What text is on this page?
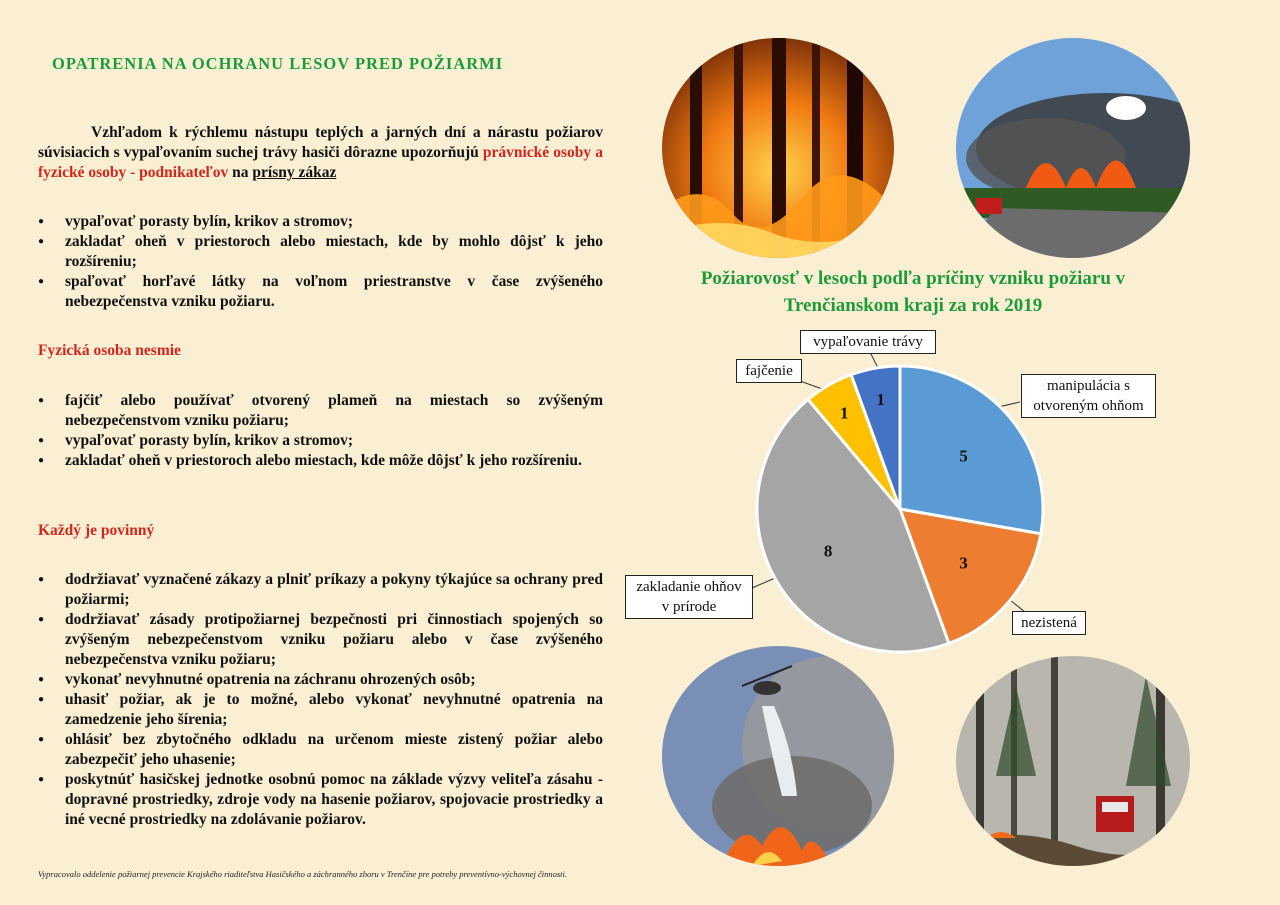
OPATRENIA NA OCHRANU LESOV PRED POŽIARMI
Vzhľadom k rýchlemu nástupu teplých a jarných dní a nárastu požiarov súvisiacich s vypaľovaním suchej trávy hasiči dôrazne upozorňujú právnické osoby a fyzické osoby - podnikateľov na prísny zákaz
● vypaľovať porasty bylín, krikov a stromov;
● zakladať oheň v priestoroch alebo miestach, kde by mohlo dôjsť k jeho rozšíreniu;
● spaľovať horľavé látky na voľnom priestranstve v čase zvýšeného nebezpečenstva vzniku požiaru.
Fyzická osoba nesmie
● fajčiť alebo používať otvorený plameň na miestach so zvýšeným nebezpečenstvom vzniku požiaru;
● vypaľovať porasty bylín, krikov a stromov;
● zakladať oheň v priestoroch alebo miestach, kde môže dôjsť k jeho rozšíreniu.
Každý je povinný
● dodržiavať vyznačené zákazy a plniť príkazy a pokyny týkajúce sa ochrany pred požiarmi;
● dodržiavať zásady protipožiarnej bezpečnosti pri činnostiach spojených so zvýšeným nebezpečenstvom vzniku požiaru alebo v čase zvýšeného nebezpečenstva vzniku požiaru;
● vykonať nevyhnutné opatrenia na záchranu ohrozených osôb;
● uhasiť požiar, ak je to možné, alebo vykonať nevyhnutné opatrenia na zamedzenie jeho šírenia;
● ohlásiť bez zbytočného odkladu na určenom mieste zistený požiar alebo zabezpečiť jeho uhasenie;
● poskytnúť hasičskej jednotke osobnú pomoc na základe výzvy veliteľa zásahu - dopravné prostriedky, zdroje vody na hasenie požiarov, spojovacie prostriedky a iné vecné prostriedky na zdolávanie požiarov.
Vypracovalo oddelenie požiarnej prevencie Krajského riaditeľstva Hasičského a záchranného zboru v Trenčíne pre potreby preventívno-výchovnej činnosti.
Požiarovosť v lesoch podľa príčiny vzniku požiaru v Trenčianskom kraji za rok 2019
5
3
8
1
1
vypaľovanie trávy
fajčenie
manipulácia s otvoreným ohňom
nezistená
zakladanie ohňov v prírode
